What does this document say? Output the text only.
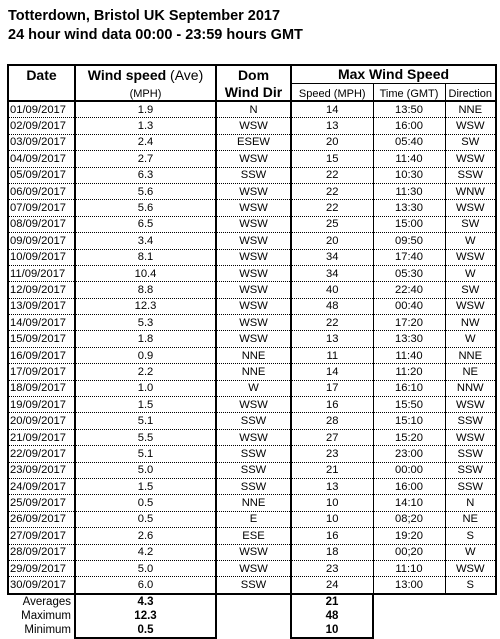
Totterdown, Bristol UK September 2017
24 hour wind data 00:00 - 23:59 hours GMT
Date	Wind speed (Ave)	Dom	Max Wind Speed		
	(MPH)	Wind Dir	Speed (MPH)	Time (GMT)	Direction
01/09/2017	1.9	N	14	13:50	NNE
02/09/2017	1.3	WSW	13	16:00	WSW
03/09/2017	2.4	ESEW	20	05:40	SW
04/09/2017	2.7	WSW	15	11:40	WSW
05/09/2017	6.3	SSW	22	10:30	SSW
06/09/2017	5.6	WSW	22	11:30	WNW
07/09/2017	5.6	WSW	22	13:30	WSW
08/09/2017	6.5	WSW	25	15:00	SW
09/09/2017	3.4	WSW	20	09:50	W
10/09/2017	8.1	WSW	34	17:40	WSW
11/09/2017	10.4	WSW	34	05:30	W
12/09/2017	8.8	WSW	40	22:40	SW
13/09/2017	12.3	WSW	48	00:40	WSW
14/09/2017	5.3	WSW	22	17:20	NW
15/09/2017	1.8	WSW	13	13:30	W
16/09/2017	0.9	NNE	11	11:40	NNE
17/09/2017	2.2	NNE	14	11:20	NE
18/09/2017	1.0	W	17	16:10	NNW
19/09/2017	1.5	WSW	16	15:50	WSW
20/09/2017	5.1	SSW	28	15:10	SSW
21/09/2017	5.5	WSW	27	15:20	WSW
22/09/2017	5.1	SSW	23	23:00	SSW
23/09/2017	5.0	SSW	21	00:00	SSW
24/09/2017	1.5	SSW	13	16:00	SSW
25/09/2017	0.5	NNE	10	14:10	N
26/09/2017	0.5	E	10	08;20	NE
27/09/2017	2.6	ESE	16	19:20	S
28/09/2017	4.2	WSW	18	00;20	W
29/09/2017	5.0	WSW	23	11:10	WSW
30/09/2017	6.0	SSW	24	13:00	S
Averages	4.3		21		
Maximum	12.3		48		
Minimum	0.5		10		
